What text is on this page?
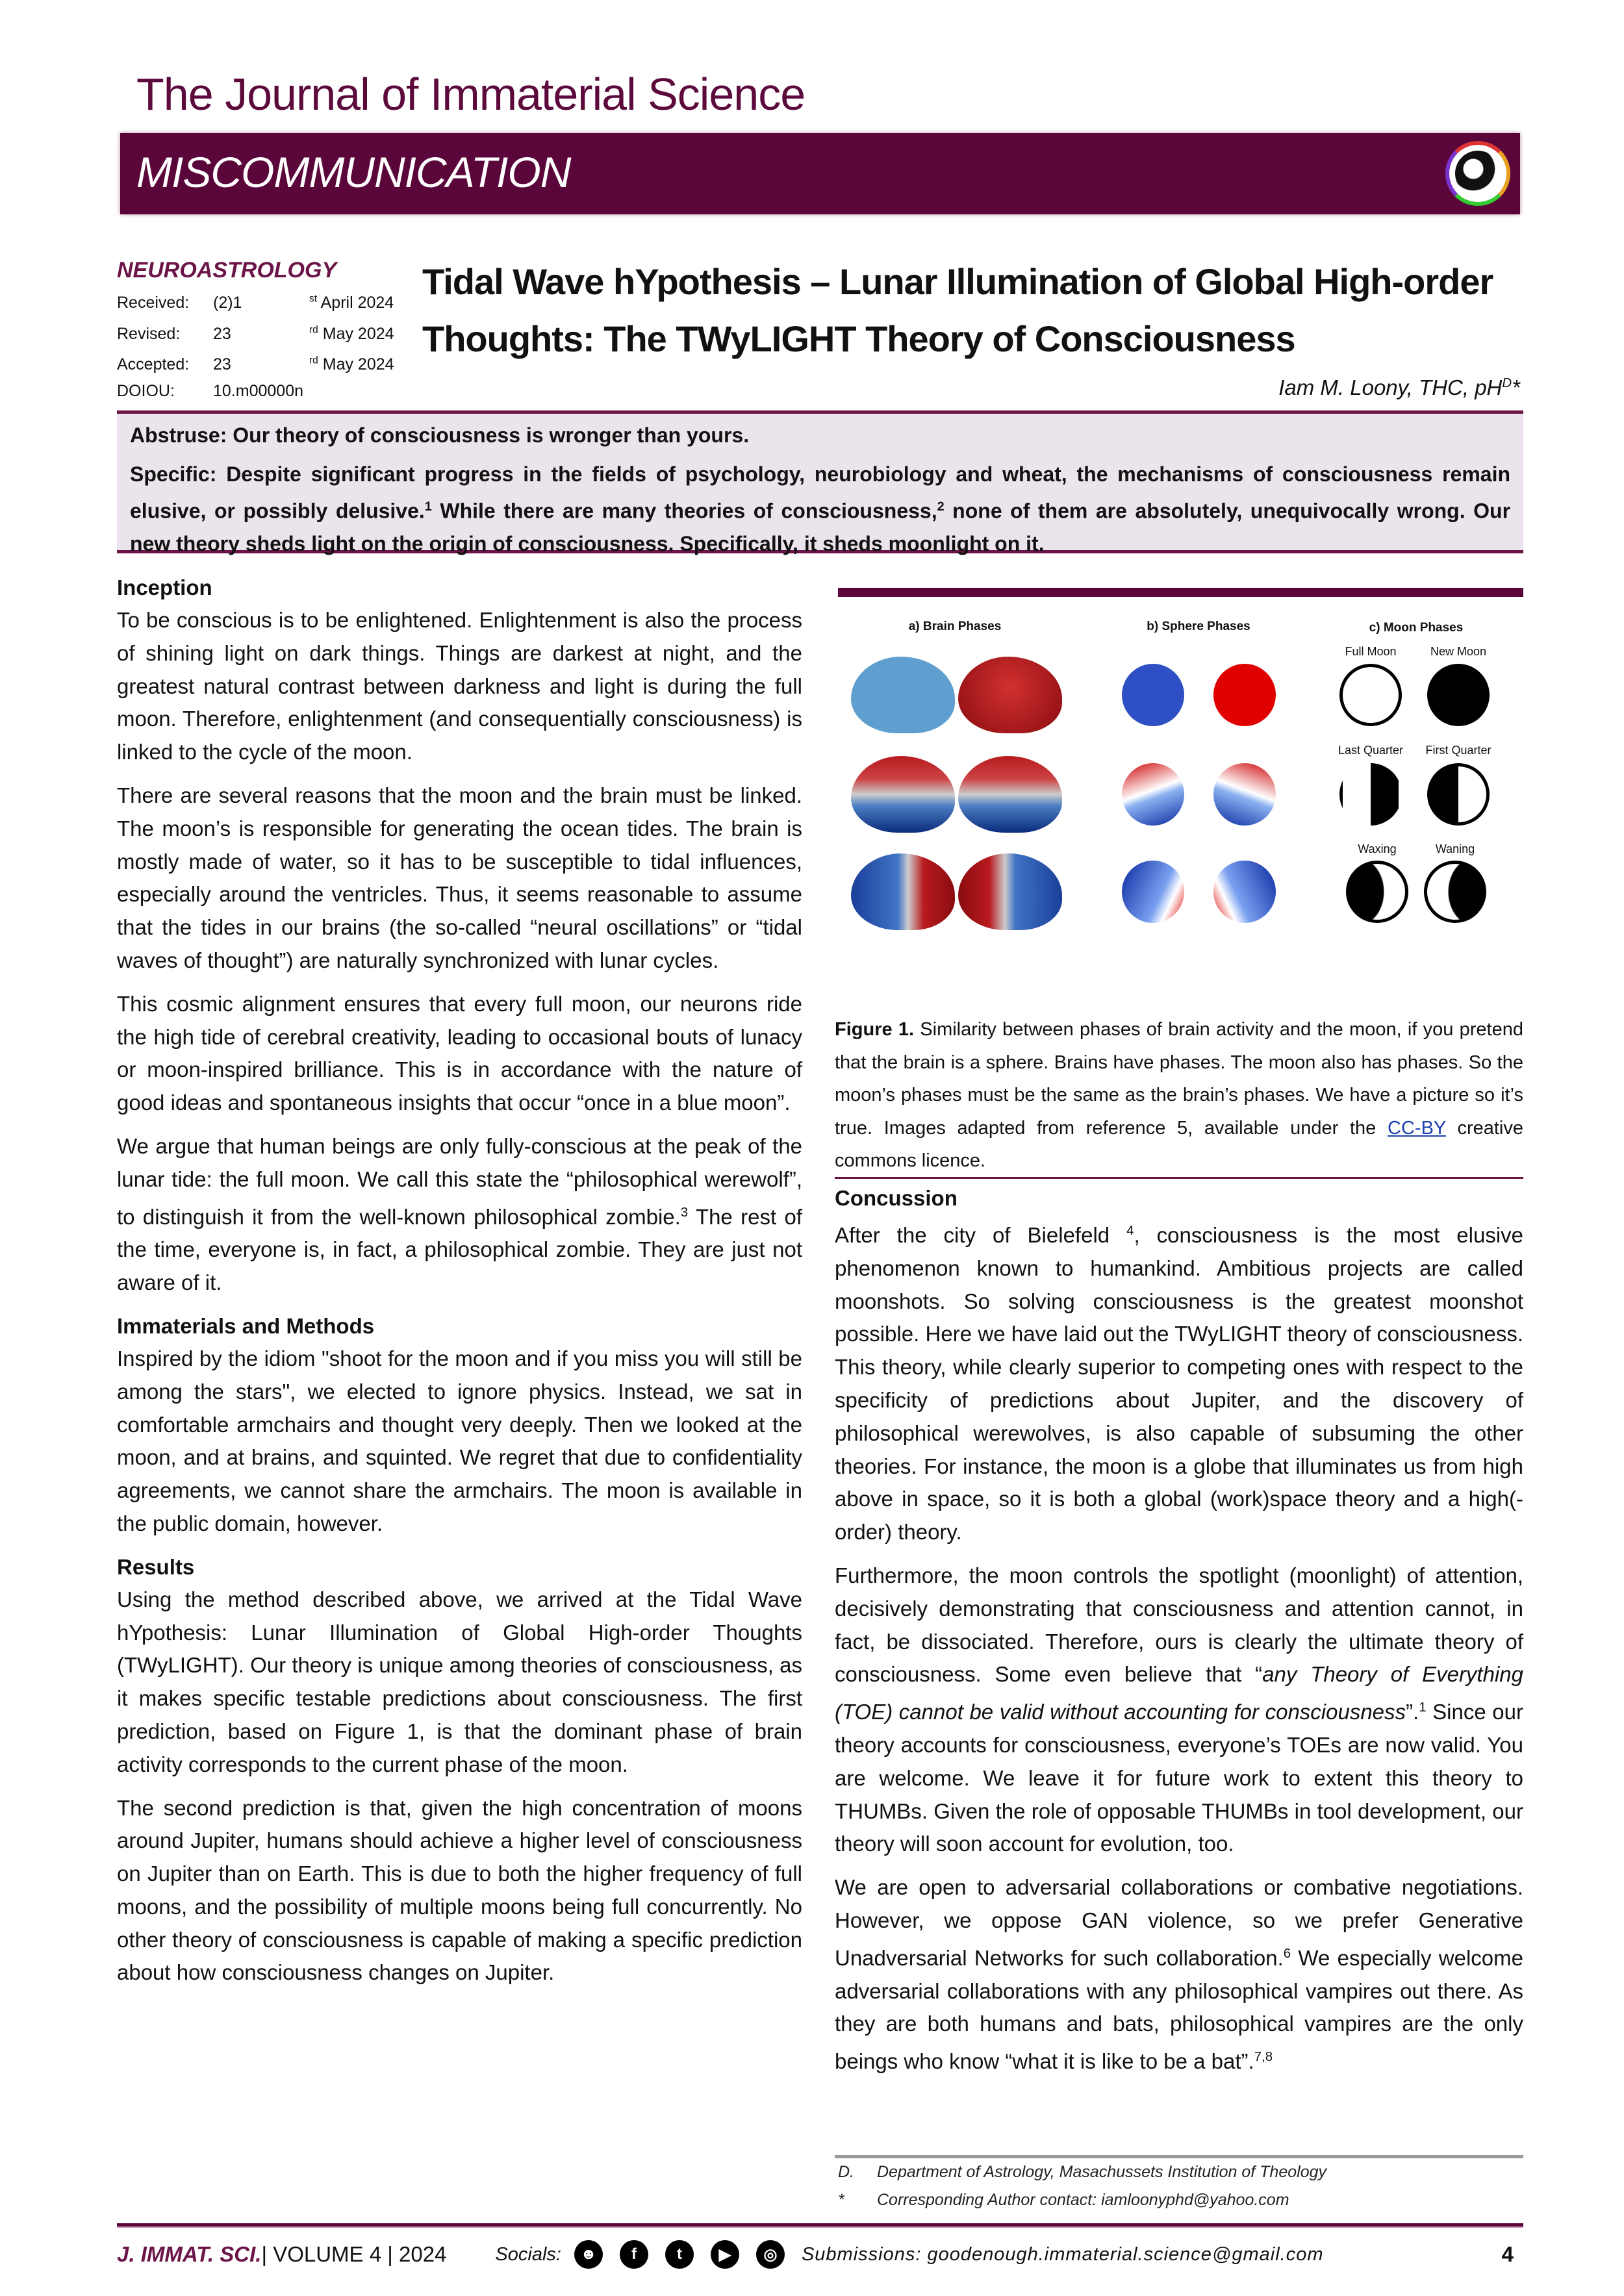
The Journal of Immaterial Science
MISCOMMUNICATION
NEUROASTROLOGY
Received: (2)1	$^{st}$ April 2024
Revised: 23	$^{rd}$ May 2024
Accepted: 23	$^{rd}$ May 2024
DOIOU: 10.m00000n
Tidal Wave hYpothesis – Lunar Illumination of Global High-order Thoughts: The TWyLIGHT Theory of Consciousness
Iam M. Loony, THC, $pH^D*$

Abstruse: Our theory of consciousness is wronger than yours.

Specific: Despite significant progress in the fields of psychology, neurobiology and wheat, the mechanisms of consciousness remain elusive, or possibly delusive.$^1$ While there are many theories of consciousness,$^2$ none of them are absolutely, unequivocally wrong. Our new theory sheds light on the origin of consciousness. Specifically, it sheds moonlight on it.

Inception

To be conscious is to be enlightened. Enlightenment is also the process of shining light on dark things. Things are darkest at night, and the greatest natural contrast between darkness and light is during the full moon. Therefore, enlightenment (and consequentially consciousness) is linked to the cycle of the moon.

There are several reasons that the moon and the brain must be linked. The moon’s is responsible for generating the ocean tides. The brain is mostly made of water, so it has to be susceptible to tidal influences, especially around the ventricles. Thus, it seems reasonable to assume that the tides in our brains (the so-called “neural oscillations” or “tidal waves of thought”) are naturally synchronized with lunar cycles.

This cosmic alignment ensures that every full moon, our neurons ride the high tide of cerebral creativity, leading to occasional bouts of lunacy or moon-inspired brilliance. This is in accordance with the nature of good ideas and spontaneous insights that occur “once in a blue moon”.

We argue that human beings are only fully-conscious at the peak of the lunar tide: the full moon. We call this state the “philosophical werewolf”, to distinguish it from the well-known philosophical zombie.$^3$ The rest of the time, everyone is, in fact, a philosophical zombie. They are just not aware of it.

Immaterials and Methods

Inspired by the idiom "shoot for the moon and if you miss you will still be among the stars", we elected to ignore physics. Instead, we sat in comfortable armchairs and thought very deeply. Then we looked at the moon, and at brains, and squinted. We regret that due to confidentiality agreements, we cannot share the armchairs. The moon is available in the public domain, however.

Results

Using the method described above, we arrived at the Tidal Wave hYpothesis: Lunar Illumination of Global High-order Thoughts (TWyLIGHT). Our theory is unique among theories of consciousness, as it makes specific testable predictions about consciousness. The first prediction, based on Figure 1, is that the dominant phase of brain activity corresponds to the current phase of the moon.

The second prediction is that, given the high concentration of moons around Jupiter, humans should achieve a higher level of consciousness on Jupiter than on Earth. This is due to both the higher frequency of full moons, and the possibility of multiple moons being full concurrently. No other theory of consciousness is capable of making a specific prediction about how consciousness changes on Jupiter.

a) Brain Phases	b) Sphere Phases	c) Moon Phases
Full Moon	New Moon
Last Quarter First Quarter
Waxing	Waning
Figure 1. Similarity between phases of brain activity and the moon, if you pretend that the brain is a sphere. Brains have phases. The moon also has phases. So the moon’s phases must be the same as the brain’s phases. We have a picture so it’s true. Images adapted from reference 5, available under the CC-BY creative commons licence.
Concussion

After the city of Bielefeld $^4$, consciousness is the most elusive phenomenon known to humankind. Ambitious projects are called moonshots. So solving consciousness is the greatest moonshot possible. Here we have laid out the TWyLIGHT theory of consciousness. This theory, while clearly superior to competing ones with respect to the specificity of predictions about Jupiter, and the discovery of philosophical werewolves, is also capable of subsuming the other theories. For instance, the moon is a globe that illuminates us from high above in space, so it is both a global (work)space theory and a high(-order) theory.

Furthermore, the moon controls the spotlight (moonlight) of attention, decisively demonstrating that consciousness and attention cannot, in fact, be dissociated. Therefore, ours is clearly the ultimate theory of consciousness. Some even believe that “any Theory of Everything (TOE) cannot be valid without accounting for consciousness”.$^1$ Since our theory accounts for consciousness, everyone’s TOEs are now valid. You are welcome. We leave it for future work to extent this theory to THUMBs. Given the role of opposable THUMBs in tool development, our theory will soon account for evolution, too.

We are open to adversarial collaborations or combative negotiations. However, we oppose GAN violence, so we prefer Generative Unadversarial Networks for such collaboration.$^6$ We especially welcome adversarial collaborations with any philosophical vampires out there. As they are both humans and bats, philosophical vampires are the only beings who know “what it is like to be a bat”.$^{7,8}$

D. Department of Astrology, Masachussets Institution of Theology
* Corresponding Author contact: iamloonyphd@yahoo.com
J. IMMAT. SCI. | VOLUME 4 | 2024	Socials:	☻	f	t	▶	◎	Submissions: goodenough.immaterial.science@gmail.com	4
